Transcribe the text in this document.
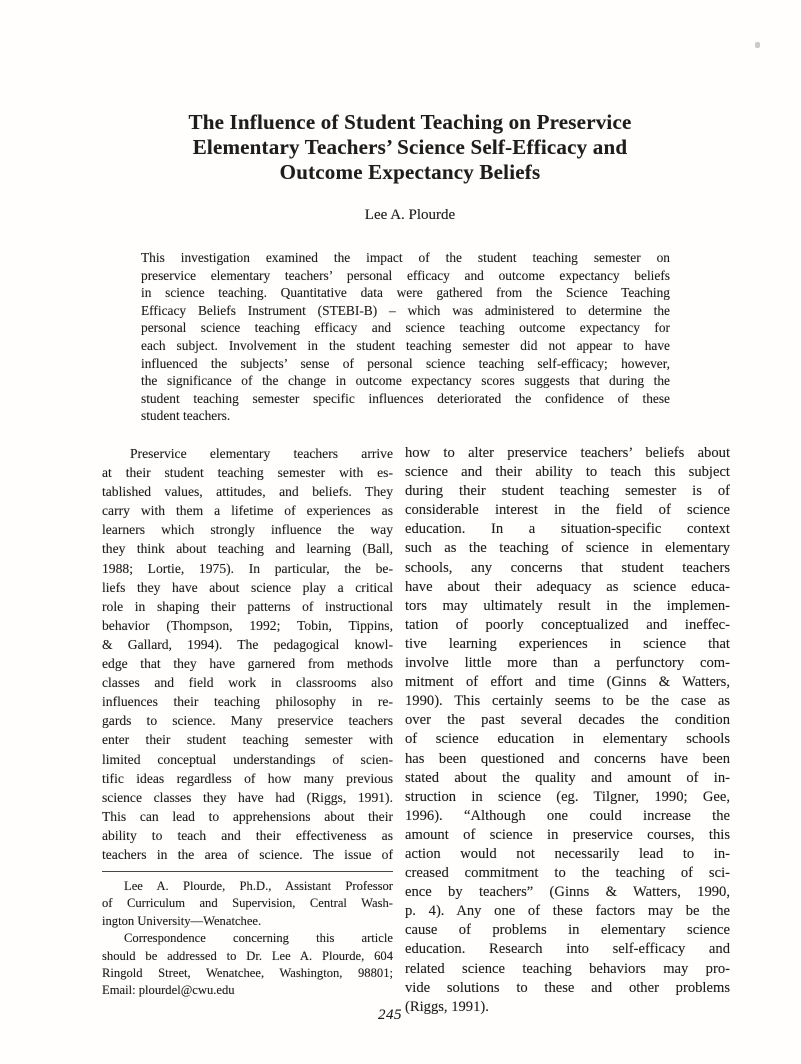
The Influence of Student Teaching on Preservice
Elementary Teachers’ Science Self-Efficacy and
Outcome Expectancy Beliefs
Lee A. Plourde
This investigation examined the impact of the student teaching semester on
preservice elementary teachers’ personal efficacy and outcome expectancy beliefs
in science teaching. Quantitative data were gathered from the Science Teaching
Efficacy Beliefs Instrument (STEBI-B) – which was administered to determine the
personal science teaching efficacy and science teaching outcome expectancy for
each subject. Involvement in the student teaching semester did not appear to have
influenced the subjects’ sense of personal science teaching self-efficacy; however,
the significance of the change in outcome expectancy scores suggests that during the
student teaching semester specific influences deteriorated the confidence of these
student teachers.
Preservice elementary teachers arrive
at their student teaching semester with es-
tablished values, attitudes, and beliefs. They
carry with them a lifetime of experiences as
learners which strongly influence the way
they think about teaching and learning (Ball,
1988; Lortie, 1975). In particular, the be-
liefs they have about science play a critical
role in shaping their patterns of instructional
behavior (Thompson, 1992; Tobin, Tippins,
& Gallard, 1994). The pedagogical knowl-
edge that they have garnered from methods
classes and field work in classrooms also
influences their teaching philosophy in re-
gards to science. Many preservice teachers
enter their student teaching semester with
limited conceptual understandings of scien-
tific ideas regardless of how many previous
science classes they have had (Riggs, 1991).
This can lead to apprehensions about their
ability to teach and their effectiveness as
teachers in the area of science. The issue of
how to alter preservice teachers’ beliefs about
science and their ability to teach this subject
during their student teaching semester is of
considerable interest in the field of science
education. In a situation-specific context
such as the teaching of science in elementary
schools, any concerns that student teachers
have about their adequacy as science educa-
tors may ultimately result in the implemen-
tation of poorly conceptualized and ineffec-
tive learning experiences in science that
involve little more than a perfunctory com-
mitment of effort and time (Ginns & Watters,
1990). This certainly seems to be the case as
over the past several decades the condition
of science education in elementary schools
has been questioned and concerns have been
stated about the quality and amount of in-
struction in science (eg. Tilgner, 1990; Gee,
1996). “Although one could increase the
amount of science in preservice courses, this
action would not necessarily lead to in-
creased commitment to the teaching of sci-
ence by teachers” (Ginns & Watters, 1990,
p. 4). Any one of these factors may be the
cause of problems in elementary science
education. Research into self-efficacy and
related science teaching behaviors may pro-
vide solutions to these and other problems
(Riggs, 1991).
Lee A. Plourde, Ph.D., Assistant Professor
of Curriculum and Supervision, Central Wash-
ington University—Wenatchee.
Correspondence concerning this article
should be addressed to Dr. Lee A. Plourde, 604
Ringold Street, Wenatchee, Washington, 98801;
Email: plourdel@cwu.edu
245
